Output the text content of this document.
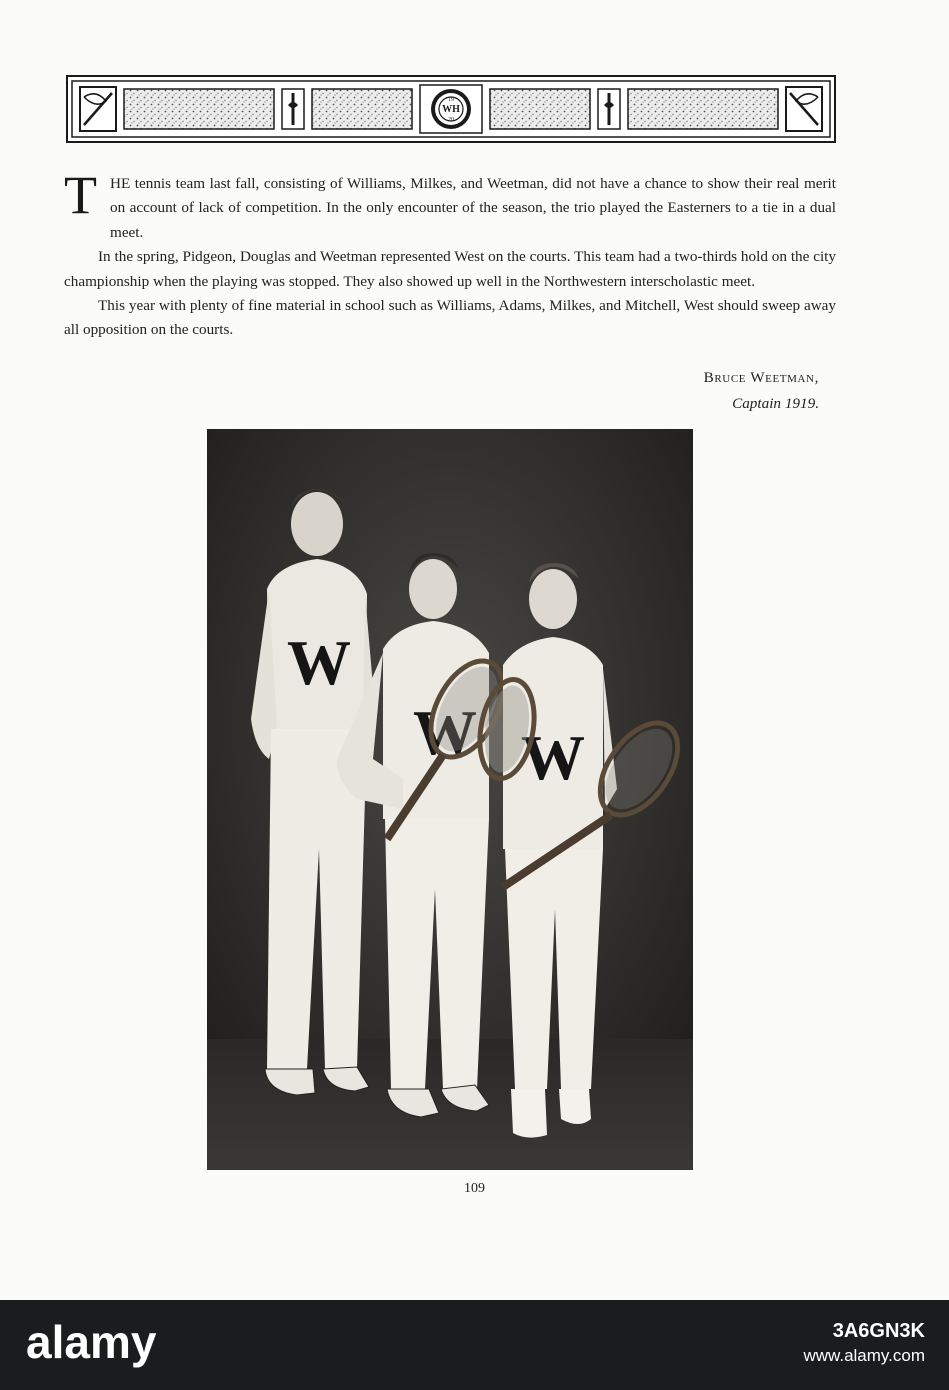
19
WH
20

T HE tennis team last fall, consisting of Williams, Milkes, and Weetman, did not have a chance to show their real merit on account of lack of competition. In the only encounter of the season, the trio played the Easterners to a tie in a dual meet.

In the spring, Pidgeon, Douglas and Weetman represented West on the courts. This team had a two-thirds hold on the city championship when the playing was stopped. They also showed up well in the Northwestern interscholastic meet.

This year with plenty of fine material in school such as Williams, Adams, Milkes, and Mitchell, West should sweep away all opposition on the courts.

Bruce Weetman,
Captain 1919.
W
W W
109
alamy	3A6GN3K
www.alamy.com
